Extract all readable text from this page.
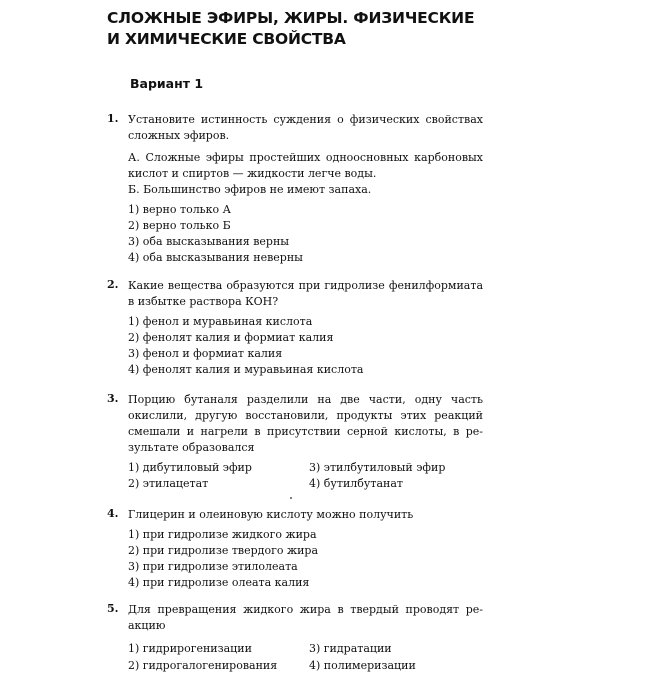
СЛОЖНЫЕ ЭФИРЫ, ЖИРЫ. ФИЗИЧЕСКИЕ
И ХИМИЧЕСКИЕ СВОЙСТВА
Вариант 1
1. Установите истинность суждения о физических свойствах
сложных эфиров.
А. Сложные эфиры простейших одноосновных карбоновых
кислот и спиртов — жидкости легче воды.
Б. Большинство эфиров не имеют запаха.
1) верно только А
2) верно только Б
3) оба высказывания верны
4) оба высказывания неверны
2. Какие вещества образуются при гидролизе фенилформиата
в избытке раствора КОН?
1) фенол и муравьиная кислота
2) фенолят калия и формиат калия
3) фенол и формиат калия
4) фенолят калия и муравьиная кислота
3. Порцию бутаналя разделили на две части, одну часть
окислили, другую восстановили, продукты этих реакций
смешали и нагрели в присутствии серной кислоты, в ре-
зультате образовался
1) дибутиловый эфир	3) этилбутиловый эфир
2) этилацетат	4) бутилбутанат
4. Глицерин и олеиновую кислоту можно получить
1) при гидролизе жидкого жира
2) при гидролизе твердого жира
3) при гидролизе этилолеата
4) при гидролизе олеата калия
5. Для превращения жидкого жира в твердый проводят ре-
акцию
1) гидрирогенизации	3) гидратации
2) гидрогалогенирования	4) полимеризации
